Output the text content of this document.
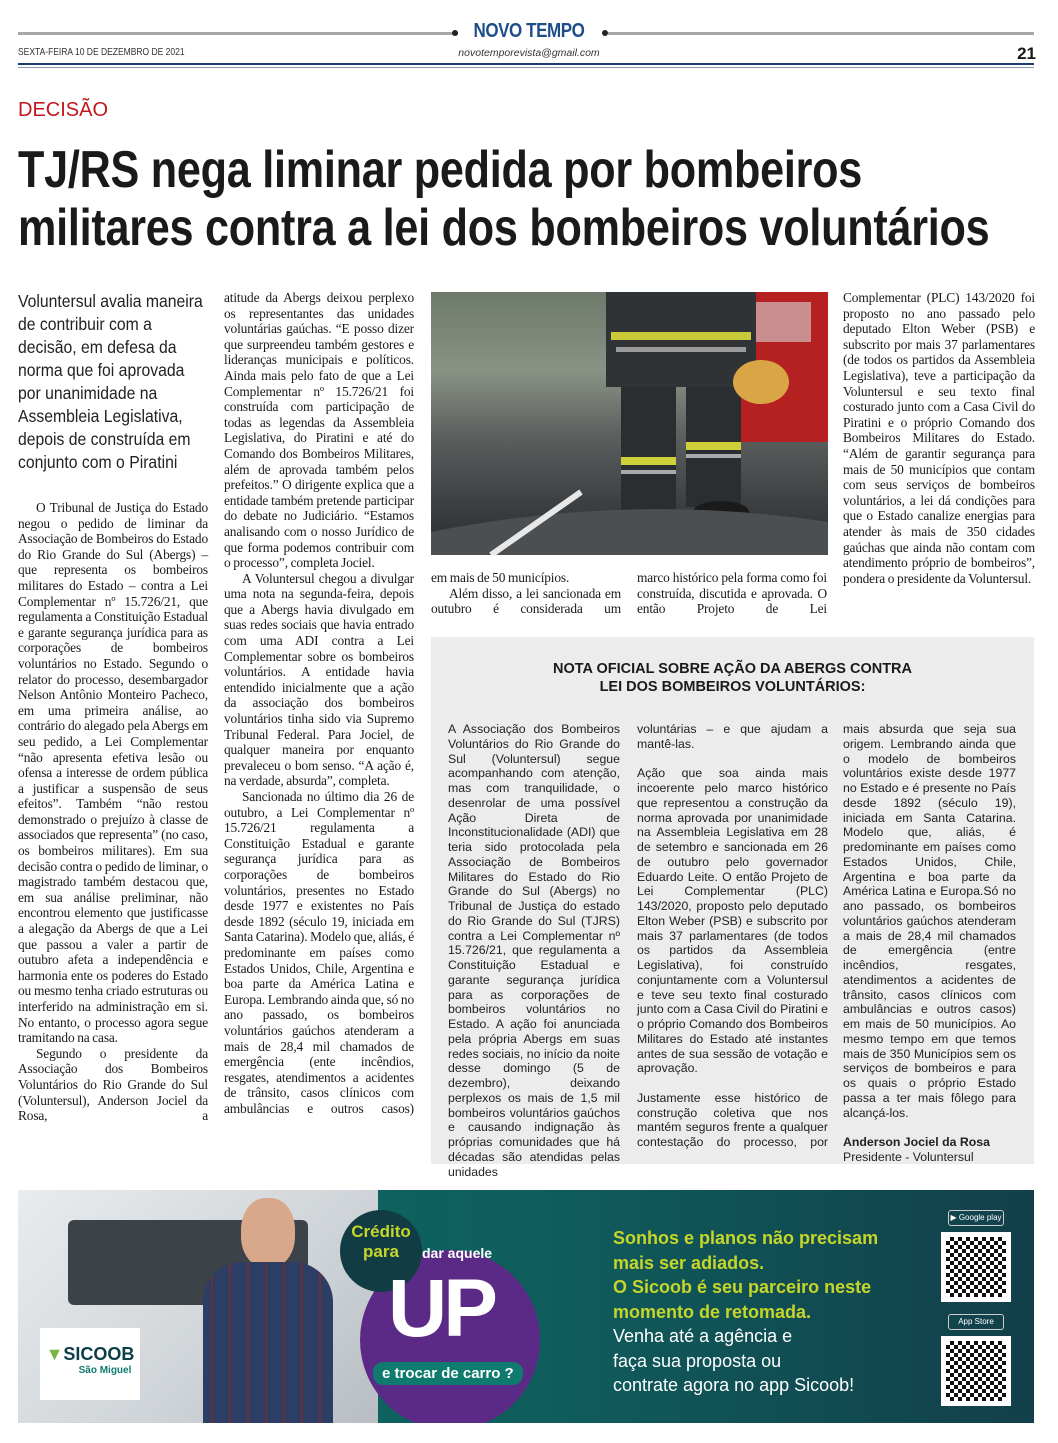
NOVO TEMPO
SEXTA-FEIRA 10 DE DEZEMBRO DE 2021	novotemporevista@gmail.com	21
DECISÃO
TJ/RS nega liminar pedida por bombeiros
militares contra a lei dos bombeiros voluntários
Voluntersul avalia maneira de contribuir com a decisão, em defesa da norma que foi aprovada por unanimidade na Assembleia Legislativa, depois de construída em conjunto com o Piratini

O Tribunal de Justiça do Estado negou o pedido de liminar da Associação de Bombeiros do Estado do Rio Grande do Sul (Abergs) – que representa os bombeiros militares do Estado – contra a Lei Complementar nº 15.726/21, que regulamenta a Constituição Estadual e garante segurança jurídica para as corporações de bombeiros voluntários no Estado. Segundo o relator do processo, desembargador Nelson Antônio Monteiro Pacheco, em uma primeira análise, ao contrário do alegado pela Abergs em seu pedido, a Lei Complementar “não apresenta efetiva lesão ou ofensa a interesse de ordem pública a justificar a suspensão de seus efeitos”. Também “não restou demonstrado o prejuízo à classe de associados que representa” (no caso, os bombeiros militares). Em sua decisão contra o pedido de liminar, o magistrado também destacou que, em sua análise preliminar, não encontrou elemento que justificasse a alegação da Abergs de que a Lei que passou a valer a partir de outubro afeta a independência e harmonia ente os poderes do Estado ou mesmo tenha criado estruturas ou interferido na administração em si. No entanto, o processo agora segue tramitando na casa.

Segundo o presidente da Associação dos Bombeiros Voluntários do Rio Grande do Sul (Voluntersul), Anderson Jociel da Rosa, a

atitude da Abergs deixou perplexo os representantes das unidades voluntárias gaúchas. “E posso dizer que surpreendeu também gestores e lideranças municipais e políticos. Ainda mais pelo fato de que a Lei Complementar nº 15.726/21 foi construída com participação de todas as legendas da Assembleia Legislativa, do Piratini e até do Comando dos Bombeiros Militares, além de aprovada também pelos prefeitos.” O dirigente explica que a entidade também pretende participar do debate no Judiciário. “Estamos analisando com o nosso Jurídico de que forma podemos contribuir com o processo”, completa Jociel.

A Voluntersul chegou a divulgar uma nota na segunda-feira, depois que a Abergs havia divulgado em suas redes sociais que havia entrado com uma ADI contra a Lei Complementar sobre os bombeiros voluntários. A entidade havia entendido inicialmente que a ação da associação dos bombeiros voluntários tinha sido via Supremo Tribunal Federal. Para Jociel, de qualquer maneira por enquanto prevaleceu o bom senso. “A ação é, na verdade, absurda”, completa.

Sancionada no último dia 26 de outubro, a Lei Complementar nº 15.726/21 regulamenta a Constituição Estadual e garante segurança jurídica para as corporações de bombeiros voluntários, presentes no Estado desde 1977 e existentes no País desde 1892 (século 19, iniciada em Santa Catarina). Modelo que, aliás, é predominante em países como Estados Unidos, Chile, Argentina e boa parte da América Latina e Europa. Lembrando ainda que, só no ano passado, os bombeiros voluntários gaúchos atenderam a mais de 28,4 mil chamados de emergência (ente incêndios, resgates, atendimentos a acidentes de trânsito, casos clínicos com ambulâncias e outros casos)

em mais de 50 municípios.

Além disso, a lei sancionada em outubro é considerada um

marco histórico pela forma como foi construída, discutida e aprovada. O então Projeto de Lei

Complementar (PLC) 143/2020 foi proposto no ano passado pelo deputado Elton Weber (PSB) e subscrito por mais 37 parlamentares (de todos os partidos da Assembleia Legislativa), teve a participação da Voluntersul e seu texto final costurado junto com a Casa Civil do Piratini e o próprio Comando dos Bombeiros Militares do Estado. “Além de garantir segurança para mais de 50 municípios que contam com seus serviços de bombeiros voluntários, a lei dá condições para que o Estado canalize energias para atender às mais de 350 cidades gaúchas que ainda não contam com atendimento próprio de bombeiros”, pondera o presidente da Voluntersul.

NOTA OFICIAL SOBRE AÇÃO DA ABERGS CONTRA
LEI DOS BOMBEIROS VOLUNTÁRIOS:

A Associação dos Bombeiros Voluntários do Rio Grande do Sul (Voluntersul) segue acompanhando com atenção, mas com tranquilidade, o desenrolar de uma possível Ação Direta de Inconstitucionalidade (ADI) que teria sido protocolada pela Associação de Bombeiros Militares do Estado do Rio Grande do Sul (Abergs) no Tribunal de Justiça do estado do Rio Grande do Sul (TJRS) contra a Lei Complementar nº 15.726/21, que regulamenta a Constituição Estadual e garante segurança jurídica para as corporações de bombeiros voluntários no Estado. A ação foi anunciada pela própria Abergs em suas redes sociais, no início da noite desse domingo (5 de dezembro), deixando perplexos os mais de 1,5 mil bombeiros voluntários gaúchos e causando indignação às próprias comunidades que há décadas são atendidas pelas unidades

voluntárias – e que ajudam a mantê-las.

Ação que soa ainda mais incoerente pelo marco histórico que representou a construção da norma aprovada por unanimidade na Assembleia Legislativa em 28 de setembro e sancionada em 26 de outubro pelo governador Eduardo Leite. O então Projeto de Lei Complementar (PLC) 143/2020, proposto pelo deputado Elton Weber (PSB) e subscrito por mais 37 parlamentares (de todos os partidos da Assembleia Legislativa), foi construído conjuntamente com a Voluntersul e teve seu texto final costurado junto com a Casa Civil do Piratini e o próprio Comando dos Bombeiros Militares do Estado até instantes antes de sua sessão de votação e aprovação.

Justamente esse histórico de construção coletiva que nos mantém seguros frente a qualquer contestação do processo, por

mais absurda que seja sua origem. Lembrando ainda que o modelo de bombeiros voluntários existe desde 1977 no Estado e é presente no País desde 1892 (século 19), iniciada em Santa Catarina. Modelo que, aliás, é predominante em países como Estados Unidos, Chile, Argentina e boa parte da América Latina e Europa.Só no ano passado, os bombeiros voluntários gaúchos atenderam a mais de 28,4 mil chamados de emergência (entre incêndios, resgates, atendimentos a acidentes de trânsito, casos clínicos com ambulâncias e outros casos) em mais de 50 municípios. Ao mesmo tempo em que temos mais de 350 Municípios sem os serviços de bombeiros e para os quais o próprio Estado passa a ter mais fôlego para alcançá-los.

Anderson Jociel da Rosa
Presidente - Voluntersul
▼SICOOB
São Miguel
Crédito para	dar aquele
UP
e trocar de carro ?
Sonhos e planos não precisam
mais ser adiados.
O Sicoob é seu parceiro neste
momento de retomada.
Venha até a agência e
faça sua proposta ou
contrate agora no app Sicoob!
▶ Google play
App Store
